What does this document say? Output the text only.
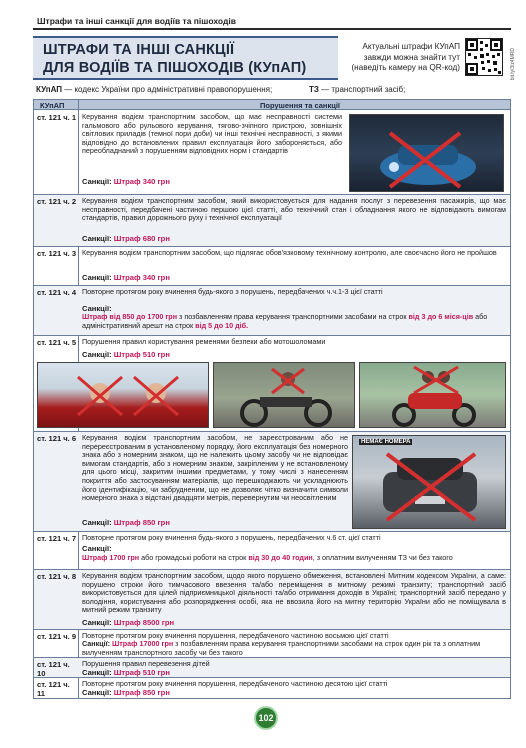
Штрафи та інші санкції для водіїв та пішоходів
ШТРАФИ ТА ІНШІ САНКЦІЇ
ДЛЯ ВОДІЇВ ТА ПІШОХОДІВ (КУпАП)
Актуальні штрафи КУпАП завжди можна знайти тут (наведіть камеру на QR-код)	bit.ly/3iz4MRD
КУпАП — кодекс України про адміністративні правопорушення;	ТЗ — транспортний засіб;
КУпАП	Порушення та санкції
ст. 121 ч. 1 Керування водієм транспортним засобом, що має несправності системи гальмового або рульового керування, тягово-зчіпного пристрою, зовнішніх світлових приладів (темної пори доби) чи інші технічні несправності, з якими відповідно до встановлених правил експлуатація його забороняється, або переобладнаний з порушенням відповідних норм і стандартів
Санкції: Штраф 340 грн
ст. 121 ч. 2 Керування водієм транспортним засобом, який використовується для надання послуг з перевезення пасажирів, що має несправності, передбачені частиною першою цієї статті, або технічний стан і обладнання якого не відповідають вимогам стандартів, правил дорожнього руху і технічної експлуатації
Санкції: Штраф 680 грн
ст. 121 ч. 3 Керування водієм транспортним засобом, що підлягає обов'язковому технічному контролю, але своєчасно його не пройшов
Санкції: Штраф 340 грн
ст. 121 ч. 4 Повторне протягом року вчинення будь-якого з порушень, передбачених ч.ч.1-3 цієї статті
Санкції:
Штраф від 850 до 1700 грн з позбавленням права керування транспортними засобами на строк від 3 до 6 міся-ців або адміністративний арешт на строк від 5 до 10 діб.
ст. 121 ч. 5 Порушення правил користування ременями безпеки або мотошоломами
Санкції: Штраф 510 грн
ст. 121 ч. 6 Керування водієм транспортним засобом, не зареєстрованим або не перереєстрованим в установленому порядку, його експлуатація без номерного знака або з номерним знаком, що не належить цьому засобу чи не відповідає вимогам стандартів, або з номерним знаком, закріпленим у не встановленому для цього місці, закритим іншими предметами, у тому числі з нанесенням покриття або застосуванням матеріалів, що перешкоджають чи ускладнюють його ідентифікацію, чи забрудненим, що не дозволяє чітко визначити символи номерного знака з відстані двадцяти метрів, перевернутим чи неосвітленим
Санкції: Штраф 850 грн
НЕМАЄ НОМЕРА
ст. 121 ч. 7 Повторне протягом року вчинення будь-якого з порушень, передбачених ч.6 ст. цієї статті
Санкції:
Штраф 1700 грн або громадські роботи на строк від 30 до 40 годин, з оплатним вилученням ТЗ чи без такого
ст. 121 ч. 8 Керування водієм транспортним засобом, щодо якого порушено обмеження, встановлені Митним кодексом України, а саме: порушено строки його тимчасового ввезення та/або переміщення в митному режимі транзиту; транспортний засіб використовується для цілей підприємницької діяльності та/або отримання доходів в Україні; транспортний засіб передано у володіння, користування або розпорядження особі, яка не ввозила його на митну територію України або не поміщувала в митний режим транзиту
Санкції: Штраф 8500 грн
ст. 121 ч. 9 Повторне протягом року вчинення порушення, передбаченого частиною восьмою цієї статті
Санкції: Штраф 17000 грн з позбавленням права керування транспортними засобами на строк один рік та з оплатним вилученням транспортного засобу чи без такого
ст. 121 ч. 10
Порушення правил перевезення дітей
Санкції: Штраф 510 грн
ст. 121 ч. 11
Повторне протягом року вчинення порушення, передбаченого частиною десятою цієї статті
Санкції: Штраф 850 грн
102
